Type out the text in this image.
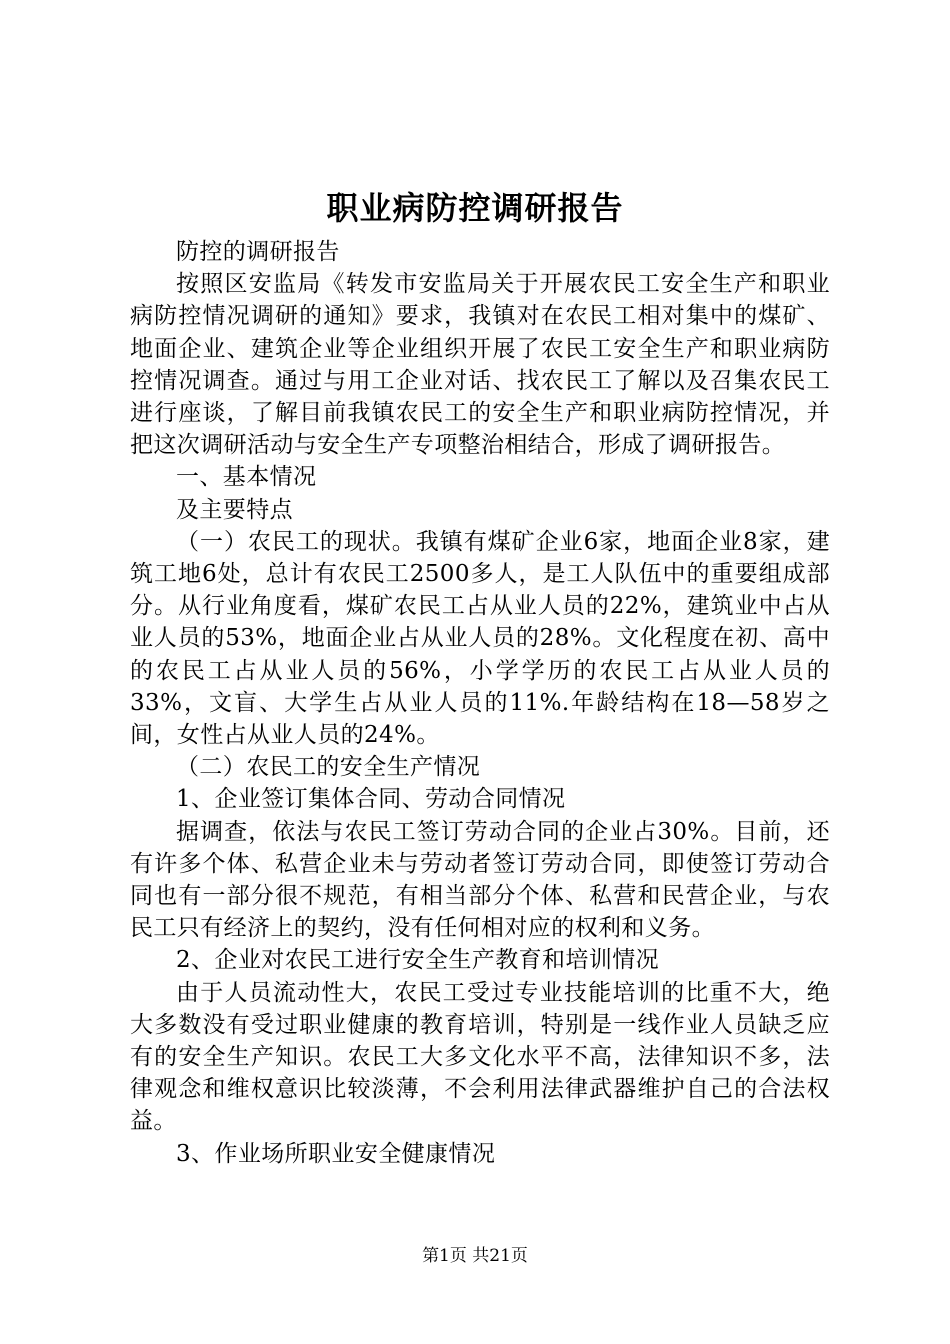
职业病防控调研报告

防控的调研报告

按照区安监局《转发市安监局关于开展农民工安全生产和职业病防控情况调研的通知》要求，我镇对在农民工相对集中的煤矿、地面企业、建筑企业等企业组织开展了农民工安全生产和职业病防控情况调查。通过与用工企业对话、找农民工了解以及召集农民工进行座谈，了解目前我镇农民工的安全生产和职业病防控情况，并把这次调研活动与安全生产专项整治相结合，形成了调研报告。

一、基本情况

及主要特点

（一）农民工的现状。我镇有煤矿企业6家，地面企业8家，建筑工地6处，总计有农民工2500多人，是工人队伍中的重要组成部分。从行业角度看，煤矿农民工占从业人员的22%，建筑业中占从业人员的53%，地面企业占从业人员的28%。文化程度在初、高中的农民工占从业人员的56%，小学学历的农民工占从业人员的33%，文盲、大学生占从业人员的11%.年龄结构在18—58岁之间，女性占从业人员的24%。

（二）农民工的安全生产情况

1、企业签订集体合同、劳动合同情况

据调查，依法与农民工签订劳动合同的企业占30%。目前，还有许多个体、私营企业未与劳动者签订劳动合同，即使签订劳动合同也有一部分很不规范，有相当部分个体、私营和民营企业，与农民工只有经济上的契约，没有任何相对应的权利和义务。

2、企业对农民工进行安全生产教育和培训情况

由于人员流动性大，农民工受过专业技能培训的比重不大，绝大多数没有受过职业健康的教育培训，特别是一线作业人员缺乏应有的安全生产知识。农民工大多文化水平不高，法律知识不多，法律观念和维权意识比较淡薄，不会利用法律武器维护自己的合法权益。

3、作业场所职业安全健康情况

第1页 共21页
